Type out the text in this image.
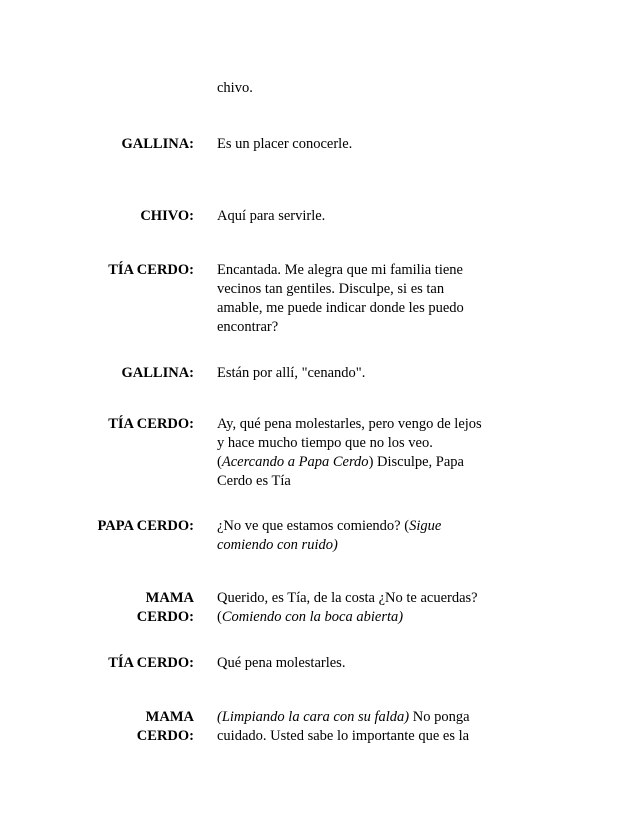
chivo.
GALLINA: Es un placer conocerle.
CHIVO: Aquí para servirle.
TÍA CERDO: Encantada. Me alegra que mi familia tiene vecinos tan gentiles. Disculpe, si es tan amable, me puede indicar donde les puedo encontrar?
GALLINA: Están por allí, "cenando".
TÍA CERDO: Ay, qué pena molestarles, pero vengo de lejos y hace mucho tiempo que no los veo. (Acercando a Papa Cerdo) Disculpe, Papa Cerdo es Tía
PAPA CERDO: ¿No ve que estamos comiendo? (Sigue comiendo con ruido)
MAMA
CERDO:
Querido, es Tía, de la costa ¿No te acuerdas? (Comiendo con la boca abierta)
TÍA CERDO: Qué pena molestarles.
MAMA
CERDO:
(Limpiando la cara con su falda) No ponga cuidado. Usted sabe lo importante que es la
